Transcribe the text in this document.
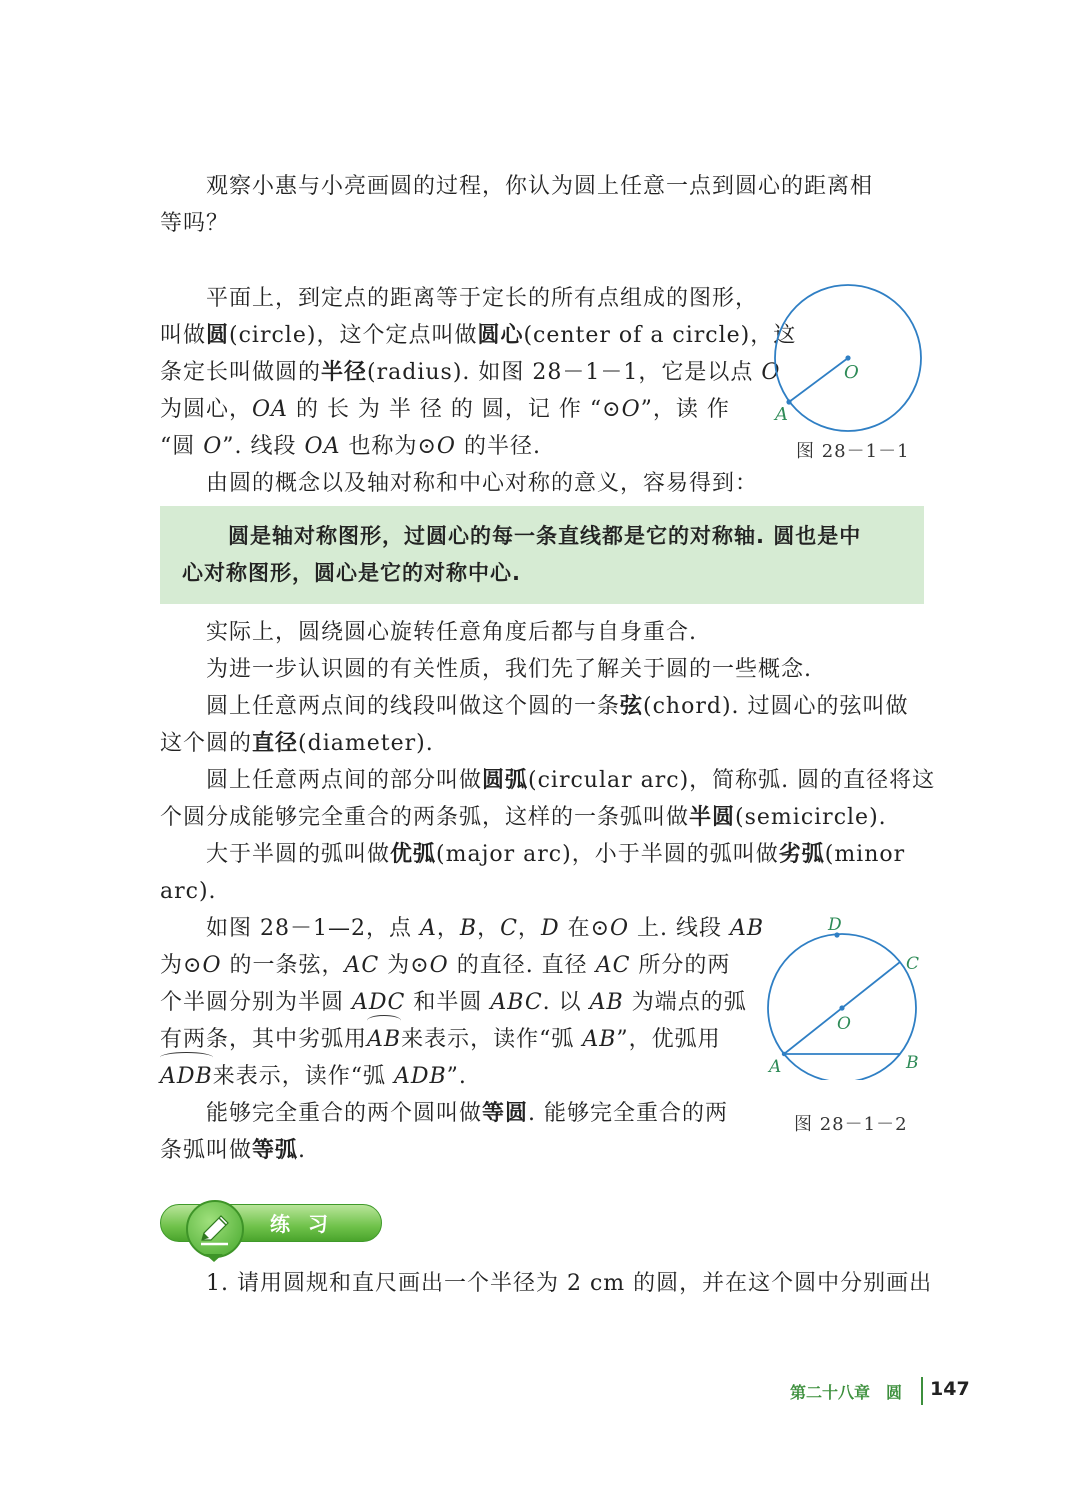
观察小惠与小亮画圆的过程，你认为圆上任意一点到圆心的距离相

等吗？

平面上，到定点的距离等于定长的所有点组成的图形，

叫做圆(circle)，这个定点叫做圆心(center of a circle)，这

条定长叫做圆的半径(radius). 如图 28－1－1，它是以点 O

为圆心，OA 的 长 为 半 径 的 圆，记 作 “⊙O”，读 作

“圆 O”. 线段 OA 也称为⊙O 的半径.

由圆的概念以及轴对称和中心对称的意义，容易得到：

O
A
图 28－1－1

圆是轴对称图形，过圆心的每一条直线都是它的对称轴. 圆也是中

心对称图形，圆心是它的对称中心.

实际上，圆绕圆心旋转任意角度后都与自身重合.

为进一步认识圆的有关性质，我们先了解关于圆的一些概念.

圆上任意两点间的线段叫做这个圆的一条弦(chord). 过圆心的弦叫做

这个圆的直径(diameter).

圆上任意两点间的部分叫做圆弧(circular arc)，简称弧. 圆的直径将这

个圆分成能够完全重合的两条弧，这样的一条弧叫做半圆(semicircle).

大于半圆的弧叫做优弧(major arc)，小于半圆的弧叫做劣弧(minor

arc).

如图 28－1—2，点 A，B，C，D 在⊙O 上. 线段 AB

为⊙O 的一条弦，AC 为⊙O 的直径. 直径 AC 所分的两

个半圆分别为半圆 ADC 和半圆 ABC. 以 AB 为端点的弧

有两条，其中劣弧用AB来表示，读作“弧 AB”，优弧用

ADB来表示，读作“弧 ADB”.

能够完全重合的两个圆叫做等圆. 能够完全重合的两

条弧叫做等弧.

D
C
O
A	B
图 28－1－2
练习

1. 请用圆规和直尺画出一个半径为 2 cm 的圆，并在这个圆中分别画出

第二十八章　圆 147
